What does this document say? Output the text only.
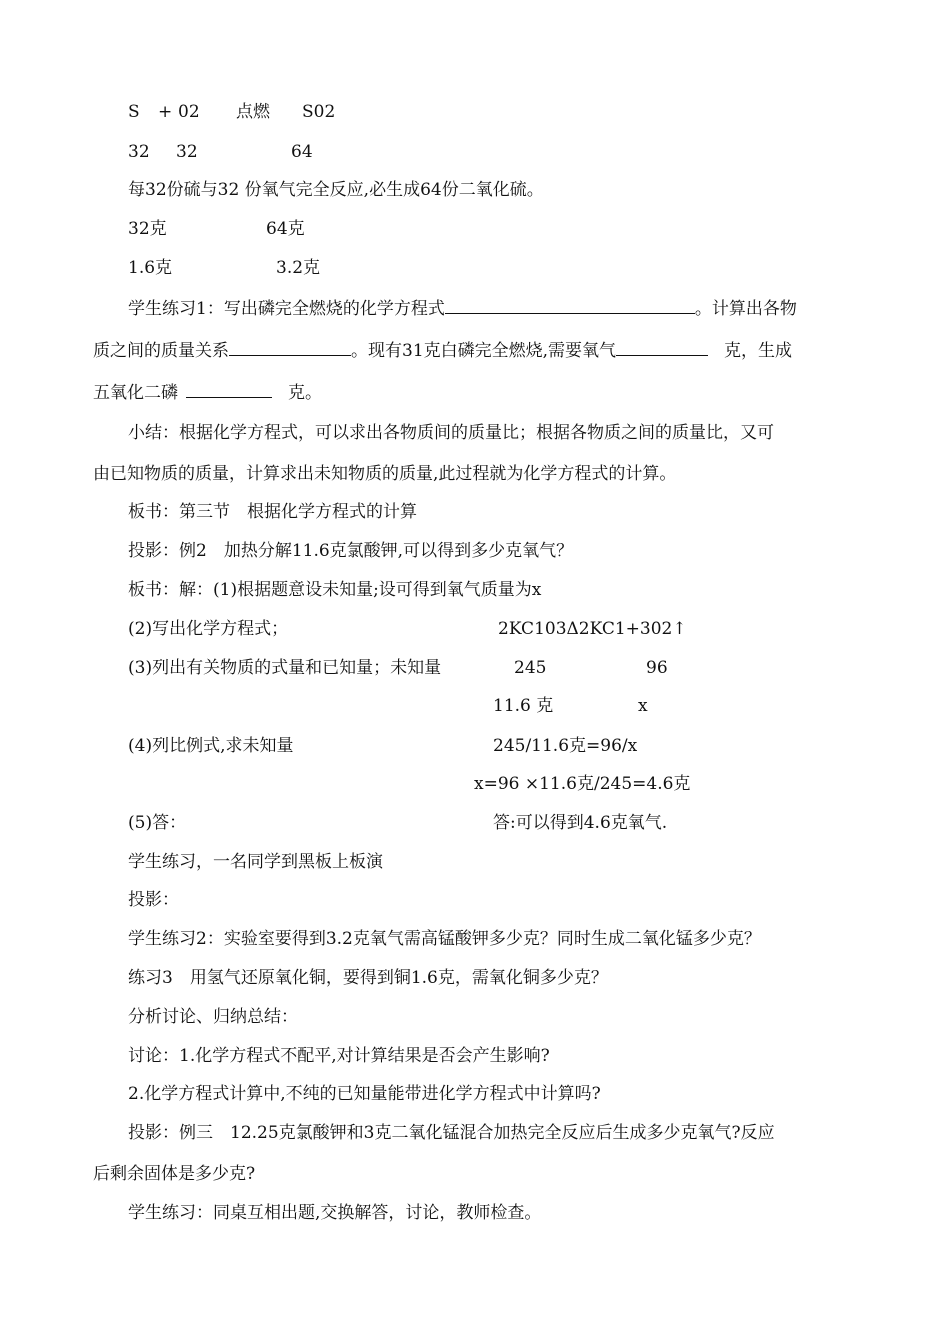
S + 02 点燃 S02
32 32	64
每32份硫与32 份氧气完全反应,必生成64份二氧化硫。
32克	64克
1.6克	3.2克
学生练习1：写出磷完全燃烧的化学方程式	。计算出各物
质之间的质量关系	。现有31克白磷完全燃烧,需要氧气	克，生成
五氧化二磷	克。
小结：根据化学方程式，可以求出各物质间的质量比；根据各物质之间的质量比，又可
由已知物质的质量，计算求出未知物质的质量,此过程就为化学方程式的计算。
板书：第三节　根据化学方程式的计算
投影：例2　加热分解11.6克氯酸钾,可以得到多少克氧气？
板书：解：(1)根据题意设未知量;设可得到氧气质量为x
(2)写出化学方程式；	2KC103Δ2KC1+302↑
(3)列出有关物质的式量和已知量；未知量	245	96
11.6 克	x
(4)列比例式,求未知量	245/11.6克=96/x
x=96 ×11.6克/245=4.6克
(5)答：	答:可以得到4.6克氧气.
学生练习，一名同学到黑板上板演
投影：
学生练习2：实验室要得到3.2克氧气需高锰酸钾多少克？同时生成二氧化锰多少克？
练习3　用氢气还原氧化铜，要得到铜1.6克，需氧化铜多少克？
分析讨论、归纳总结：
讨论：1.化学方程式不配平,对计算结果是否会产生影响?
2.化学方程式计算中,不纯的已知量能带进化学方程式中计算吗?
投影：例三　12.25克氯酸钾和3克二氧化锰混合加热完全反应后生成多少克氧气?反应
后剩余固体是多少克?
学生练习：同桌互相出题,交换解答，讨论，教师检查。
